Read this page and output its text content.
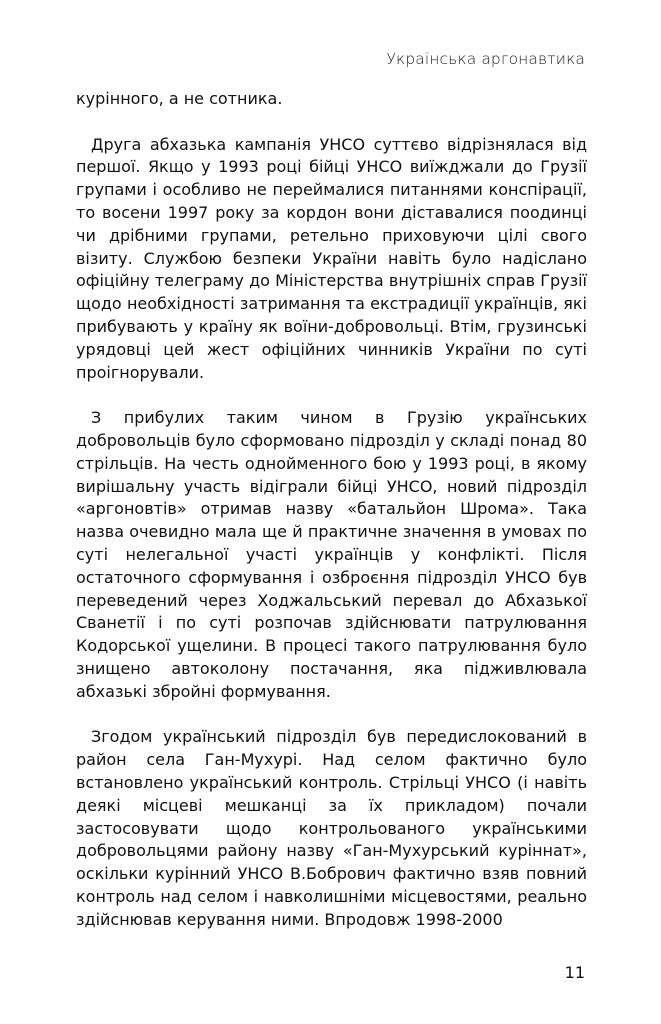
Українська аргонавтика

курінного, а не сотника.

Друга абхазька кампанія УНСО суттєво відрізнялася від першої. Якщо у 1993 році бійці УНСО виїжджали до Грузії групами і особливо не переймалися питаннями конспірації, то восени 1997 року за кордон вони діставалися поодинці чи дрібними групами, ретельно приховуючи цілі свого візиту. Службою безпеки України навіть було надіслано офіційну телеграму до Міністерства внутрішніх справ Грузії щодо необхідності затримання та екстрадиції українців, які прибувають у країну як воїни-добровольці. Втім, грузинські урядовці цей жест офіційних чинників України по суті проігнорували.

З прибулих таким чином в Грузію українських добровольців було сформовано підрозділ у складі понад 80 стрільців. На честь однойменного бою у 1993 році, в якому вирішальну участь відіграли бійці УНСО, новий підрозділ «аргоновтів» отримав назву «батальйон Шрома». Така назва очевидно мала ще й практичне значення в умовах по суті нелегальної участі українців у конфлікті. Після остаточного сформування і озброєння підрозділ УНСО був переведений через Ходжальський перевал до Абхазької Сванетії і по суті розпочав здійснювати патрулювання Кодорської ущелини. В процесі такого патрулювання було знищено автоколону постачання, яка підживлювала абхазькі збройні формування.

Згодом український підрозділ був передислокований в район села Ган-Мухурі. Над селом фактично було встановлено український контроль. Стрільці УНСО (і навіть деякі місцеві мешканці за їх прикладом) почали застосовувати щодо контрольованого українськими добровольцями району назву «Ган-Мухурський куріннат», оскільки курінний УНСО В.Бобрович фактично взяв повний контроль над селом і навколишніми місцевостями, реально здійснював керування ними. Впродовж 1998-2000

11
